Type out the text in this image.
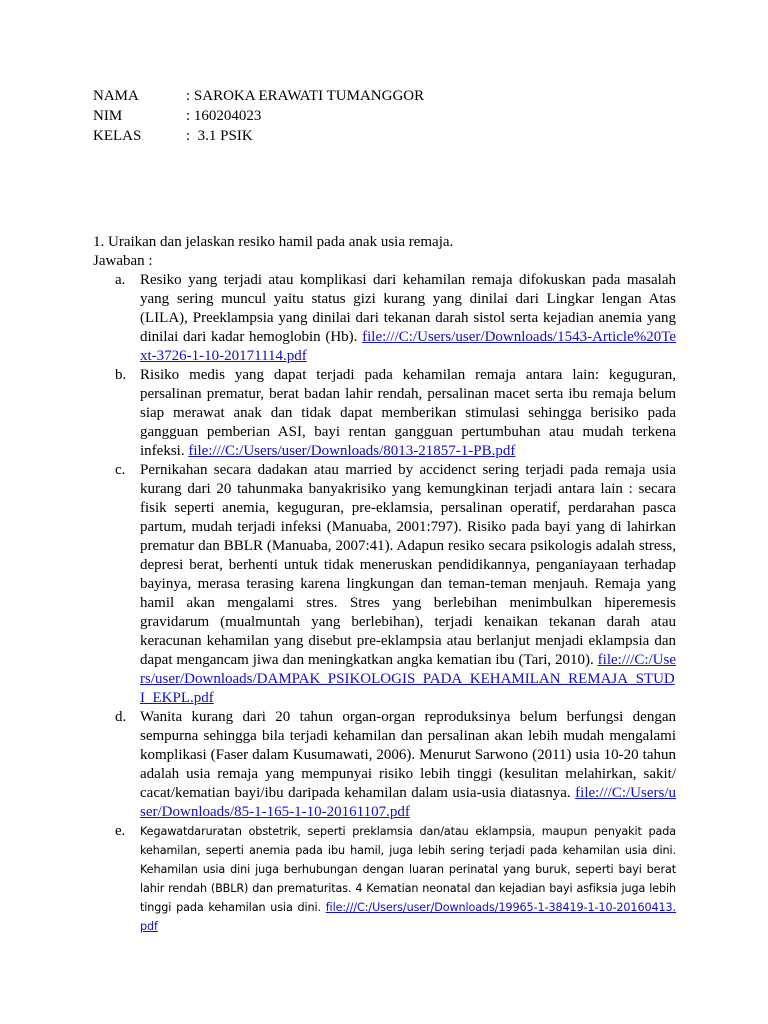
NAMA	: SAROKA ERAWATI TUMANGGOR
NIM	: 160204023
KELAS	:  3.1 PSIK
1. Uraikan dan jelaskan resiko hamil pada anak usia remaja.
Jawaban :
a. Resiko yang terjadi atau komplikasi dari kehamilan remaja difokuskan pada masalah yang sering muncul yaitu status gizi kurang yang dinilai dari Lingkar lengan Atas (LILA), Preeklampsia yang dinilai dari tekanan darah sistol serta kejadian anemia yang dinilai dari kadar hemoglobin (Hb). file:///C:/Users/user/Downloads/1543-Article%20Text-3726-1-10-20171114.pdf
b. Risiko medis yang dapat terjadi pada kehamilan remaja antara lain: keguguran, persalinan prematur, berat badan lahir rendah, persalinan macet serta ibu remaja belum siap merawat anak dan tidak dapat memberikan stimulasi sehingga berisiko pada gangguan pemberian ASI, bayi rentan gangguan pertumbuhan atau mudah terkena infeksi. file:///C:/Users/user/Downloads/8013-21857-1-PB.pdf
c. Pernikahan secara dadakan atau married by accidenct sering terjadi pada remaja usia kurang dari 20 tahunmaka banyakrisiko yang kemungkinan terjadi antara lain : secara fisik seperti anemia, keguguran, pre-eklamsia, persalinan operatif, perdarahan pasca partum, mudah terjadi infeksi (Manuaba, 2001:797). Risiko pada bayi yang di lahirkan prematur dan BBLR (Manuaba, 2007:41). Adapun resiko secara psikologis adalah stress, depresi berat, berhenti untuk tidak meneruskan pendidikannya, penganiayaan terhadap bayinya, merasa terasing karena lingkungan dan teman-teman menjauh. Remaja yang hamil akan mengalami stres. Stres yang berlebihan menimbulkan hiperemesis gravidarum (mualmuntah yang berlebihan), terjadi kenaikan tekanan darah atau keracunan kehamilan yang disebut pre-eklampsia atau berlanjut menjadi eklampsia dan dapat mengancam jiwa dan meningkatkan angka kematian ibu (Tari, 2010). file:///C:/Users/user/Downloads/DAMPAK_PSIKOLOGIS_PADA_KEHAMILAN_REMAJA_STUDI_EKPL.pdf
d. Wanita kurang dari 20 tahun organ-organ reproduksinya belum berfungsi dengan sempurna sehingga bila terjadi kehamilan dan persalinan akan lebih mudah mengalami komplikasi (Faser dalam Kusumawati, 2006). Menurut Sarwono (2011) usia 10-20 tahun adalah usia remaja yang mempunyai risiko lebih tinggi (kesulitan melahirkan, sakit/ cacat/kematian bayi/ibu daripada kehamilan dalam usia-usia diatasnya. file:///C:/Users/user/Downloads/85-1-165-1-10-20161107.pdf
e. Kegawatdaruratan obstetrik, seperti preklamsia dan/atau eklampsia, maupun penyakit pada kehamilan, seperti anemia pada ibu hamil, juga lebih sering terjadi pada kehamilan usia dini. Kehamilan usia dini juga berhubungan dengan luaran perinatal yang buruk, seperti bayi berat lahir rendah (BBLR) dan prematuritas. 4 Kematian neonatal dan kejadian bayi asfiksia juga lebih tinggi pada kehamilan usia dini. file:///C:/Users/user/Downloads/19965-1-38419-1-10-20160413.pdf
